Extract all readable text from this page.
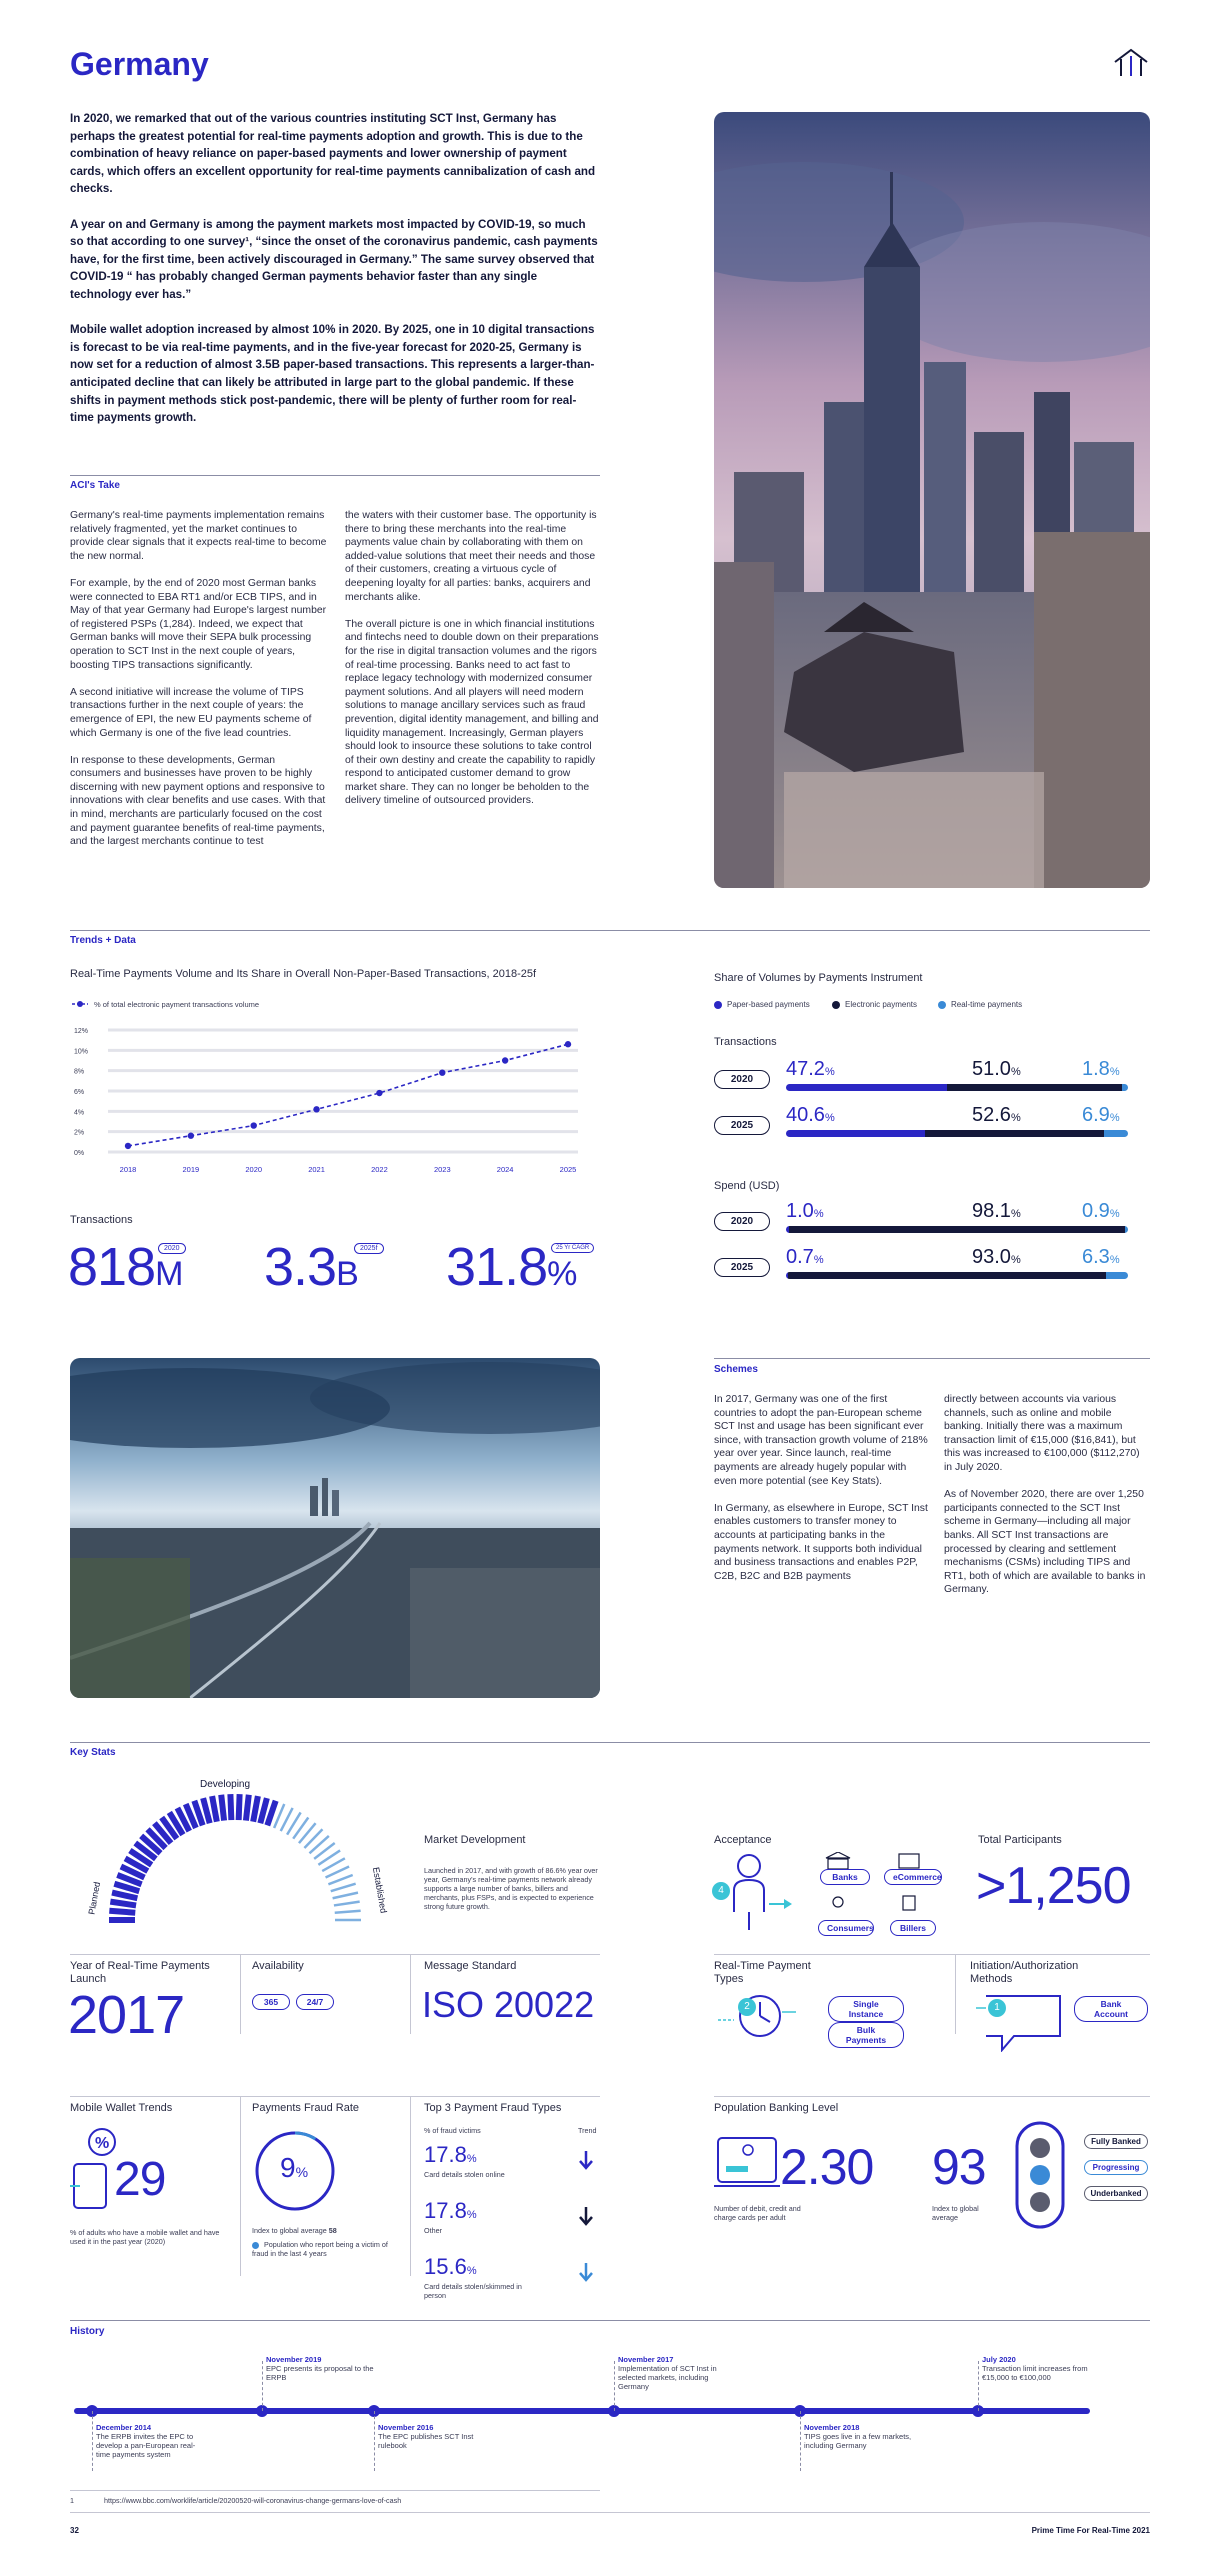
Germany

In 2020, we remarked that out of the various countries instituting SCT Inst, Germany has perhaps the greatest potential for real-time payments adoption and growth. This is due to the combination of heavy reliance on paper-based payments and lower ownership of payment cards, which offers an excellent opportunity for real-time payments cannibalization of cash and checks.

A year on and Germany is among the payment markets most impacted by COVID-19, so much so that according to one survey¹, “since the onset of the coronavirus pandemic, cash payments have, for the first time, been actively discouraged in Germany.” The same survey observed that COVID-19 “ has probably changed German payments behavior faster than any single technology ever has.”

Mobile wallet adoption increased by almost 10% in 2020. By 2025, one in 10 digital transactions is forecast to be via real-time payments, and in the five-year forecast for 2020-25, Germany is now set for a reduction of almost 3.5B paper-based transactions. This represents a larger-than-anticipated decline that can likely be attributed in large part to the global pandemic. If these shifts in payment methods stick post-pandemic, there will be plenty of further room for real-time payments growth.

ACI's Take

Germany's real-time payments implementation remains relatively fragmented, yet the market continues to provide clear signals that it expects real-time to become the new normal.

For example, by the end of 2020 most German banks were connected to EBA RT1 and/or ECB TIPS, and in May of that year Germany had Europe's largest number of registered PSPs (1,284). Indeed, we expect that German banks will move their SEPA bulk processing operation to SCT Inst in the next couple of years, boosting TIPS transactions significantly.

A second initiative will increase the volume of TIPS transactions further in the next couple of years: the emergence of EPI, the new EU payments scheme of which Germany is one of the five lead countries.

In response to these developments, German consumers and businesses have proven to be highly discerning with new payment options and responsive to innovations with clear benefits and use cases. With that in mind, merchants are particularly focused on the cost and payment guarantee benefits of real-time payments, and the largest merchants continue to test

the waters with their customer base. The opportunity is there to bring these merchants into the real-time payments value chain by collaborating with them on added-value solutions that meet their needs and those of their customers, creating a virtuous cycle of deepening loyalty for all parties: banks, acquirers and merchants alike.

The overall picture is one in which financial institutions and fintechs need to double down on their preparations for the rise in digital transaction volumes and the rigors of real-time processing. Banks need to act fast to replace legacy technology with modernized consumer payment solutions. And all players will need modern solutions to manage ancillary services such as fraud prevention, digital identity management, and billing and liquidity management. Increasingly, German players should look to insource these solutions to take control of their own destiny and create the capability to rapidly respond to anticipated customer demand to grow market share. They can no longer be beholden to the delivery timeline of outsourced providers.

Trends + Data
Real-Time Payments Volume and Its Share in Overall Non-Paper-Based Transactions, 2018-25f
% of total electronic payment transactions volume
0%
2%
4%
6%
8%
10%
12%
2018	2019	2020	2021	2022	2023	2024	2025
Transactions
818M
2020 3.3B
2025f 31.8%
25 Yr CAGR
Share of Volumes by Payments Instrument
Paper-based payments	Electronic payments	Real-time payments
Transactions
Spend (USD)
2020	47.2%	51.0%	1.8%
2025	40.6%	52.6%	6.9%
2020	1.0%	98.1%	0.9%
2025	0.7%	93.0%	6.3%
Schemes

In 2017, Germany was one of the first countries to adopt the pan-European scheme SCT Inst and usage has been significant ever since, with transaction growth volume of 218% year over year. Since launch, real-time payments are already hugely popular with even more potential (see Key Stats).

In Germany, as elsewhere in Europe, SCT Inst enables customers to transfer money to accounts at participating banks in the payments network. It supports both individual and business transactions and enables P2P, C2B, B2C and B2B payments

directly between accounts via various channels, such as online and mobile banking. Initially there was a maximum transaction limit of €15,000 ($16,841), but this was increased to €100,000 ($112,270) in July 2020.

As of November 2020, there are over 1,250 participants connected to the SCT Inst scheme in Germany—including all major banks. All SCT Inst transactions are processed by clearing and settlement mechanisms (CSMs) including TIPS and RT1, both of which are available to banks in Germany.

Key Stats
Planned
Developing
Established
Market Development
Launched in 2017, and with growth of 86.6% year over year, Germany's real-time payments network already supports a large number of banks, billers and merchants, plus FSPs, and is expected to experience strong future growth.
Acceptance
4
Banks	eCommerce
Consumers	Billers
Total Participants
>1,250
Year of Real-Time Payments Launch
2017
Availability
365	24/7
Message Standard
ISO 20022
Real-Time Payment Types
2	Single Instance
Bulk Payments
Initiation/Authorization Methods
1	Bank Account
Mobile Wallet Trends
%
29
% of adults who have a mobile wallet and have used it in the past year (2020)
Payments Fraud Rate
9%
Index to global average 58
Population who report being a victim of fraud in the last 4 years
Top 3 Payment Fraud Types
% of fraud victims	Trend
17.8%
Card details stolen online
17.8%
Other
15.6%
Card details stolen/skimmed in person
Population Banking Level
2.30
Number of debit, credit and charge cards per adult
93
Index to global average
Fully Banked
Progressing
Underbanked
History
November 2019
EPC presents its proposal to the ERPB
November 2017
Implementation of SCT Inst in selected markets, including Germany
July 2020
Transaction limit increases from €15,000 to €100,000
December 2014
The ERPB invites the EPC to develop a pan-European real-time payments system
November 2016
The EPC publishes SCT Inst rulebook
November 2018
TIPS goes live in a few markets, including Germany
1	https://www.bbc.com/worklife/article/20200520-will-coronavirus-change-germans-love-of-cash
32	Prime Time For Real-Time 2021
